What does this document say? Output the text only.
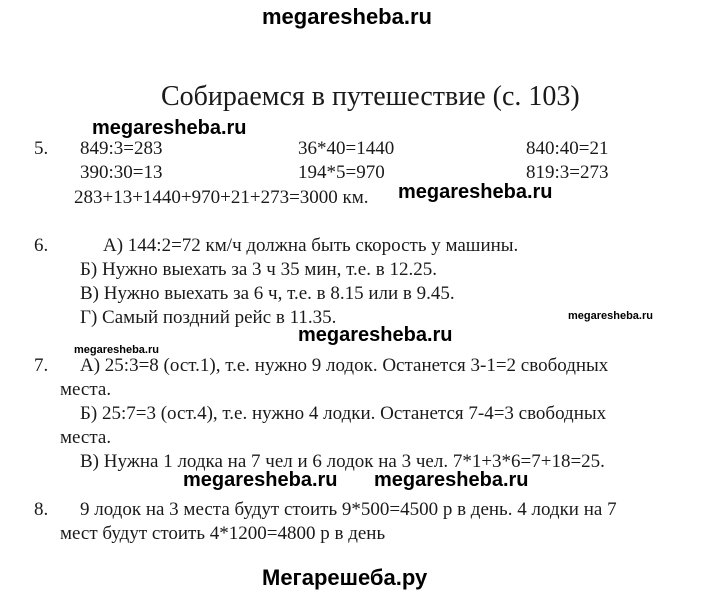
megaresheba.ru
megaresheba.ru
megaresheba.ru
megaresheba.ru
megaresheba.ru
megaresheba.ru
megaresheba.ru megaresheba.ru
Собираемся в путешествие (с. 103)
5. 849:3=283	36*40=1440	840:40=21
390:30=13	194*5=970	819:3=273
283+13+1440+970+21+273=3000 км.
6.	А) 144:2=72 км/ч должна быть скорость у машины.
Б) Нужно выехать за 3 ч 35 мин, т.е. в 12.25.
В) Нужно выехать за 6 ч, т.е. в 8.15 или в 9.45.
Г) Самый поздний рейс в 11.35.
7. А) 25:3=8 (ост.1), т.е. нужно 9 лодок. Останется 3-1=2 свободных
места.
Б) 25:7=3 (ост.4), т.е. нужно 4 лодки. Останется 7-4=3 свободных
места.
В) Нужна 1 лодка на 7 чел и 6 лодок на 3 чел. 7*1+3*6=7+18=25.
8. 9 лодок на 3 места будут стоить 9*500=4500 р в день. 4 лодки на 7
мест будут стоить 4*1200=4800 р в день
Мегарешеба.ру
